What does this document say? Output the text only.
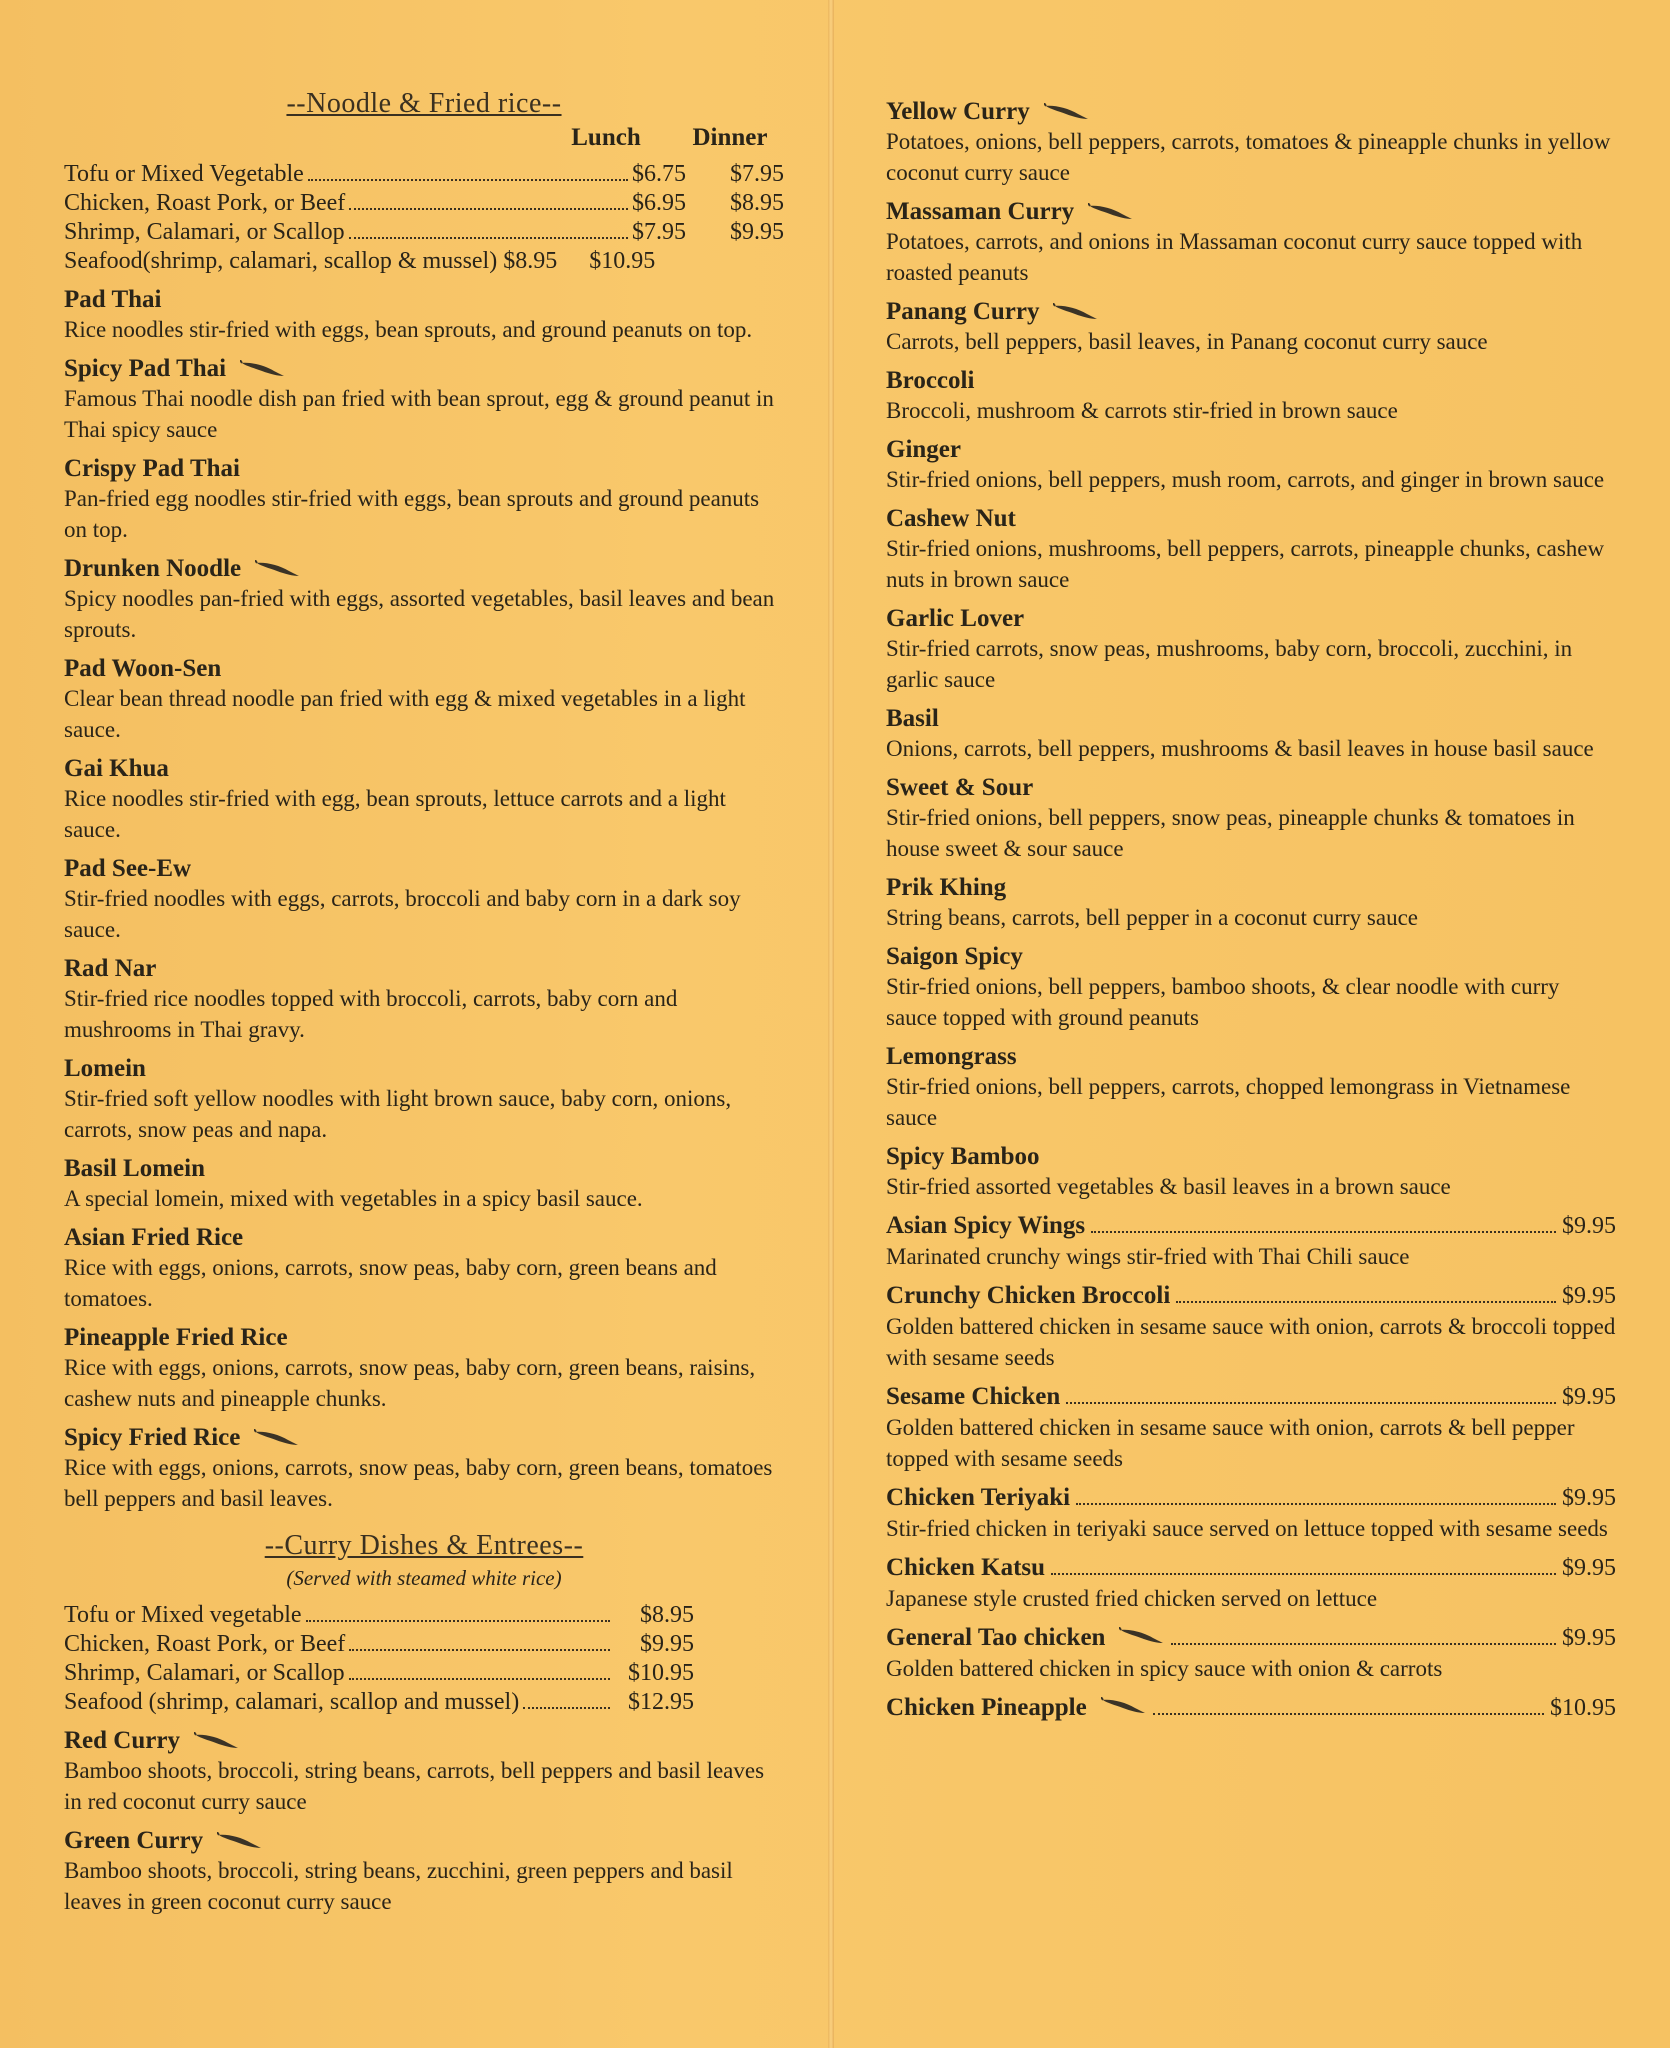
--Noodle & Fried rice--
Lunch	Dinner
Tofu or Mixed Vegetable	$6.75	$7.95
Chicken, Roast Pork, or Beef	$6.95	$8.95
Shrimp, Calamari, or Scallop	$7.95	$9.95
Seafood(shrimp, calamari, scallop & mussel) $8.95	$10.95
Pad Thai
Rice noodles stir-fried with eggs, bean sprouts, and ground peanuts on top.
Spicy Pad Thai
Famous Thai noodle dish pan fried with bean sprout, egg & ground peanut in Thai spicy sauce
Crispy Pad Thai
Pan-fried egg noodles stir-fried with eggs, bean sprouts and ground peanuts on top.
Drunken Noodle
Spicy noodles pan-fried with eggs, assorted vegetables, basil leaves and bean sprouts.
Pad Woon-Sen
Clear bean thread noodle pan fried with egg & mixed vegetables in a light sauce.
Gai Khua
Rice noodles stir-fried with egg, bean sprouts, lettuce carrots and a light sauce.
Pad See-Ew
Stir-fried noodles with eggs, carrots, broccoli and baby corn in a dark soy sauce.
Rad Nar
Stir-fried rice noodles topped with broccoli, carrots, baby corn and mushrooms in Thai gravy.
Lomein
Stir-fried soft yellow noodles with light brown sauce, baby corn, onions, carrots, snow peas and napa.
Basil Lomein
A special lomein, mixed with vegetables in a spicy basil sauce.
Asian Fried Rice
Rice with eggs, onions, carrots, snow peas, baby corn, green beans and tomatoes.
Pineapple Fried Rice
Rice with eggs, onions, carrots, snow peas, baby corn, green beans, raisins, cashew nuts and pineapple chunks.
Spicy Fried Rice
Rice with eggs, onions, carrots, snow peas, baby corn, green beans, tomatoes bell peppers and basil leaves.
--Curry Dishes & Entrees--
(Served with steamed white rice)
Tofu or Mixed vegetable	$8.95
Chicken, Roast Pork, or Beef	$9.95
Shrimp, Calamari, or Scallop	$10.95
Seafood (shrimp, calamari, scallop and mussel)	$12.95
Red Curry
Bamboo shoots, broccoli, string beans, carrots, bell peppers and basil leaves in red coconut curry sauce
Green Curry
Bamboo shoots, broccoli, string beans, zucchini, green peppers and basil leaves in green coconut curry sauce
Yellow Curry
Potatoes, onions, bell peppers, carrots, tomatoes & pineapple chunks in yellow coconut curry sauce
Massaman Curry
Potatoes, carrots, and onions in Massaman coconut curry sauce topped with roasted peanuts
Panang Curry
Carrots, bell peppers, basil leaves, in Panang coconut curry sauce
Broccoli
Broccoli, mushroom & carrots stir-fried in brown sauce
Ginger
Stir-fried onions, bell peppers, mush room, carrots, and ginger in brown sauce
Cashew Nut
Stir-fried onions, mushrooms, bell peppers, carrots, pineapple chunks, cashew nuts in brown sauce
Garlic Lover
Stir-fried carrots, snow peas, mushrooms, baby corn, broccoli, zucchini, in garlic sauce
Basil
Onions, carrots, bell peppers, mushrooms & basil leaves in house basil sauce
Sweet & Sour
Stir-fried onions, bell peppers, snow peas, pineapple chunks & tomatoes in house sweet & sour sauce
Prik Khing
String beans, carrots, bell pepper in a coconut curry sauce
Saigon Spicy
Stir-fried onions, bell peppers, bamboo shoots, & clear noodle with curry sauce topped with ground peanuts
Lemongrass
Stir-fried onions, bell peppers, carrots, chopped lemongrass in Vietnamese sauce
Spicy Bamboo
Stir-fried assorted vegetables & basil leaves in a brown sauce
Asian Spicy Wings	$9.95
Marinated crunchy wings stir-fried with Thai Chili sauce
Crunchy Chicken Broccoli	$9.95
Golden battered chicken in sesame sauce with onion, carrots & broccoli topped with sesame seeds
Sesame Chicken	$9.95
Golden battered chicken in sesame sauce with onion, carrots & bell pepper topped with sesame seeds
Chicken Teriyaki	$9.95
Stir-fried chicken in teriyaki sauce served on lettuce topped with sesame seeds
Chicken Katsu	$9.95
Japanese style crusted fried chicken served on lettuce
General Tao chicken	$9.95
Golden battered chicken in spicy sauce with onion & carrots
Chicken Pineapple	$10.95
